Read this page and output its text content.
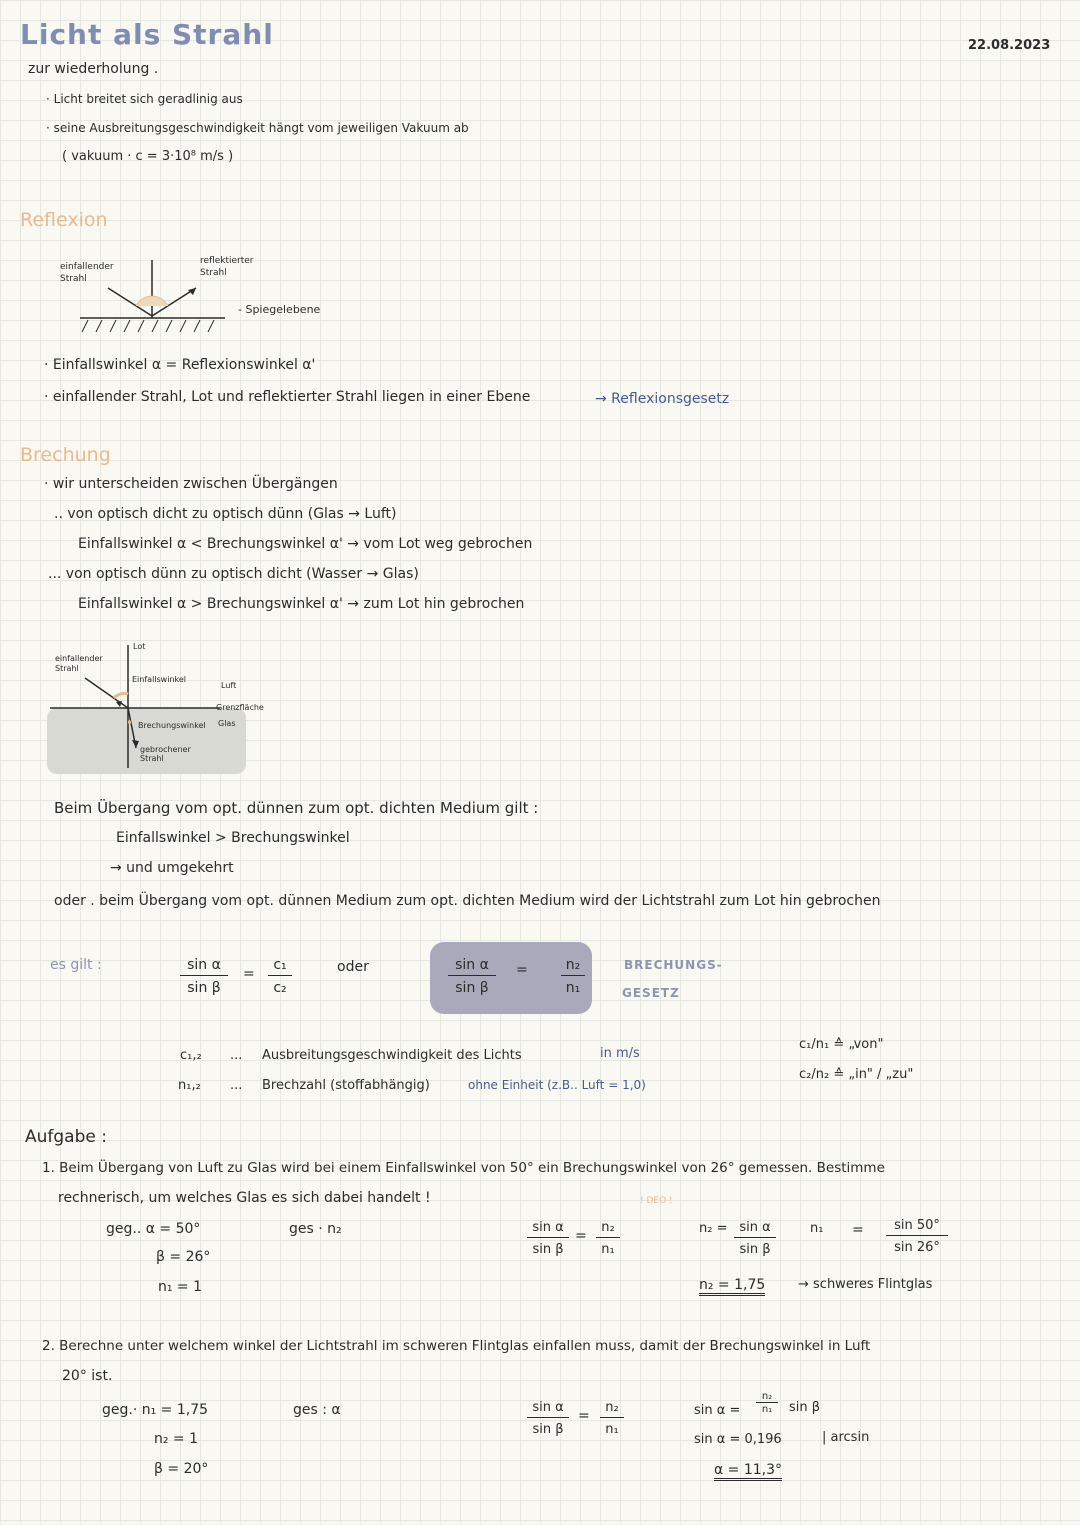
Licht als Strahl	22.08.2023
zur wiederholung .
· Licht breitet sich geradlinig aus
· seine Ausbreitungsgeschwindigkeit hängt vom jeweiligen Vakuum ab
( vakuum · c = 3·10⁸ m/s )
Reflexion
einfallender Strahl
reflektierter Strahl
- Spiegelebene
· Einfallswinkel α = Reflexionswinkel α'
· einfallender Strahl, Lot und reflektierter Strahl liegen in einer Ebene	→ Reflexionsgesetz
Brechung
· wir unterscheiden zwischen Übergängen
.. von optisch dicht zu optisch dünn (Glas → Luft)
Einfallswinkel α < Brechungswinkel α' → vom Lot weg gebrochen
... von optisch dünn zu optisch dicht (Wasser → Glas)
Einfallswinkel α > Brechungswinkel α' → zum Lot hin gebrochen
einfallender Strahl
Lot
Einfallswinkel
Luft
Grenzfläche
Glas
Brechungswinkel
gebrochener Strahl
Beim Übergang vom opt. dünnen zum opt. dichten Medium gilt :
Einfallswinkel > Brechungswinkel
→ und umgekehrt
oder . beim Übergang vom opt. dünnen Medium zum opt. dichten Medium wird der Lichtstrahl zum Lot hin gebrochen
es gilt :	$\frac{\text{sin α}}{\text{sin β}} = \frac{\text{c₁}}{\text{c₂}}$	oder	$\frac{\text{sin α}}{\text{sin β}} = \frac{\text{n₂}}{\text{n₁}}$	BRECHUNGS-
GESETZ
c₁,₂ ... Ausbreitungsgeschwindigkeit des Lichts	in m/s
n₁,₂ ... Brechzahl (stoffabhängig)	ohne Einheit (z.B.. Luft = 1,0)
c₁/n₁ ≙ „von"
c₂/n₂ ≙ „in" / „zu"
Aufgabe :
1. Beim Übergang von Luft zu Glas wird bei einem Einfallswinkel von 50° ein Brechungswinkel von 26° gemessen. Bestimme
rechnerisch, um welches Glas es sich dabei handelt !	! DEO !
geg.. α = 50°
β = 26°
n₁ = 1
ges · n₂	$\frac{\text{sin α}}{\text{sin β}} = \frac{\text{n₂}}{\text{n₁}}$	$n_2 = \frac{\text{sin α}}{\text{sin β}}$	$n_1 = \frac{\sin 50^\circ}{\sin 26^\circ}$
n₂ = 1,75	→ schweres Flintglas
2. Berechne unter welchem winkel der Lichtstrahl im schweren Flintglas einfallen muss, damit der Brechungswinkel in Luft
20° ist.
geg.· n₁ = 1,75
n₂ = 1
β = 20°
ges : α	$\frac{\text{sin α}}{\text{sin β}} = \frac{\text{n₂}}{\text{n₁}}$	$\sin \alpha = \frac{\text{n₂}}{\text{n₁}}$ sin β
sin α = 0,196	| arcsin
α = 11,3°
